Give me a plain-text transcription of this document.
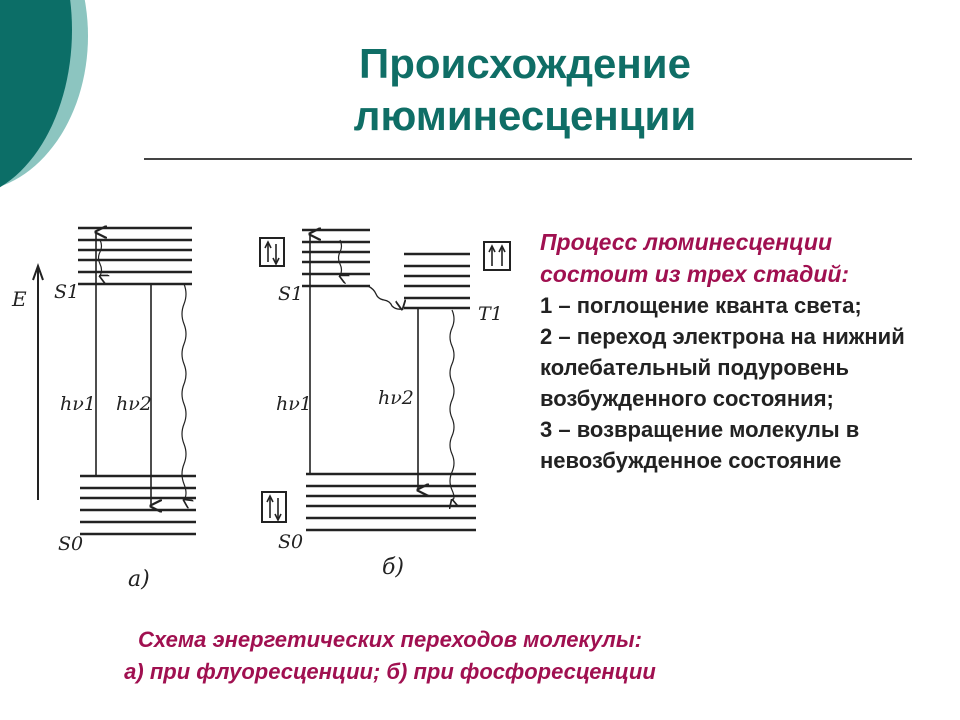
Происхождение
люминесценции
E S1
S0
hν1 hν2
а)
S1
T1
S0
hν1	hν2
б)
Процесс люминесценции
состоит из трех стадий:
1 – поглощение кванта света;
2 – переход электрона на нижний колебательный подуровень возбужденного состояния;
3 – возвращение молекулы в невозбужденное состояние
Схема энергетических переходов молекулы:
а) при флуоресценции; б) при фосфоресценции
